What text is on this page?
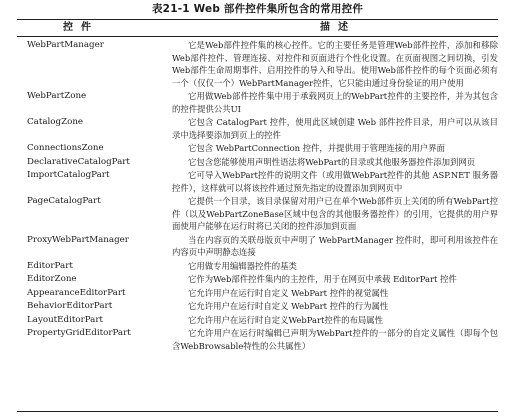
表21-1 Web 部件控件集所包含的常用控件
控件	描述
WebPartManager	它是Web部件控件集的核心控件。它的主要任务是管理Web部件控件，添加和移除Web部件控件、管理连接、对控件和页面进行个性化设置。在页面视图之间切换，引发Web部件生命周期事件、启用控件的导入和导出。使用Web部件控件的每个页面必须有一个（仅仅一个）WebPartManager控件，它只能由通过身份验证的用户使用
WebPartZone	它用做Web部件控件集中用于承载网页上的WebPart控件的主要控件，并为其包含的控件提供公共UI
CatalogZone	它包含 CatalogPart 控件，使用此区域创建 Web 部件控件目录，用户可以从该目录中选择要添加到页上的控件
ConnectionsZone	它包含 WebPartConnection 控件，并提供用于管理连接的用户界面
DeclarativeCatalogPart	它包含您能够使用声明性语法将WebPart的目录或其他服务器控件添加到网页
ImportCatalogPart	它可导入WebPart控件的说明文件（或用做WebPart控件的其他 ASP.NET 服务器控件），这样就可以将该控件通过预先指定的设置添加到网页中
PageCatalogPart	它提供一个目录，该目录保留对用户已在单个Web部件页上关闭的所有WebPart控件（以及WebPartZoneBase区域中包含的其他服务器控件）的引用，它提供的用户界面使用户能够在运行时将已关闭的控件添加到页面
ProxyWebPartManager	当在内容页的关联母版页中声明了 WebPartManager 控件时，即可利用该控件在内容页中声明静态连接
EditorPart	它用做专用编辑器控件的基类
EditorZone	它作为Web部件控件集内的主控件，用于在网页中承载 EditorPart 控件
AppearanceEditorPart	它允许用户在运行时自定义 WebPart 控件的视觉属性
BehaviorEditorPart	它允许用户在运行时自定义 WebPart 控件的行为属性
LayoutEditorPart	它允许用户在运行时自定义WebPart控件的布局属性
PropertyGridEditorPart	它允许用户在运行时编辑已声明为WebPart控件的一部分的自定义属性（即每个包含WebBrowsable特性的公共属性）
